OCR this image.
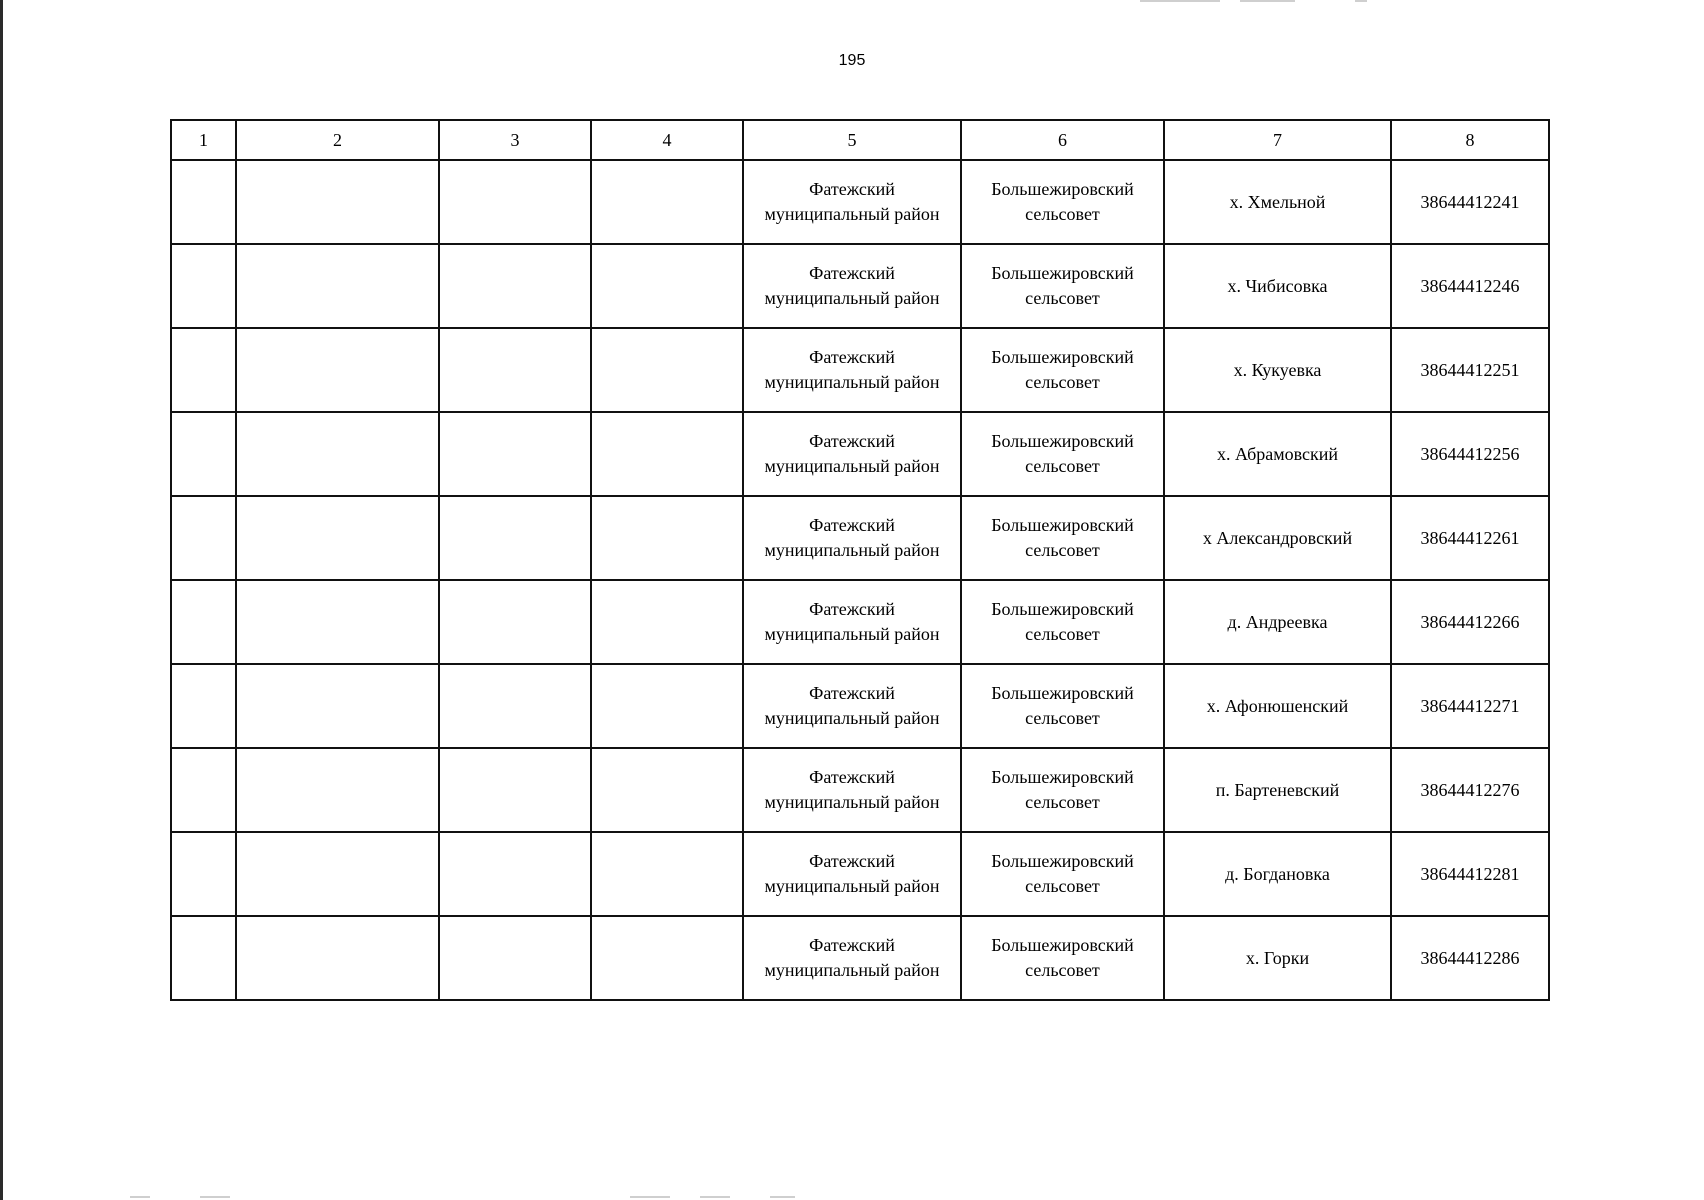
195
1	2	3	4	5	6	7	8
				Фатежский муниципальный район	Большежировский сельсовет	х. Хмельной	38644412241
				Фатежский муниципальный район	Большежировский сельсовет	х. Чибисовка	38644412246
				Фатежский муниципальный район	Большежировский сельсовет	х. Кукуевка	38644412251
				Фатежский муниципальный район	Большежировский сельсовет	х. Абрамовский	38644412256
				Фатежский муниципальный район	Большежировский сельсовет	х Александровский	38644412261
				Фатежский муниципальный район	Большежировский сельсовет	д. Андреевка	38644412266
				Фатежский муниципальный район	Большежировский сельсовет	х. Афонюшенский	38644412271
				Фатежский муниципальный район	Большежировский сельсовет	п. Бартеневский	38644412276
				Фатежский муниципальный район	Большежировский сельсовет	д. Богдановка	38644412281
				Фатежский муниципальный район	Большежировский сельсовет	х. Горки	38644412286
